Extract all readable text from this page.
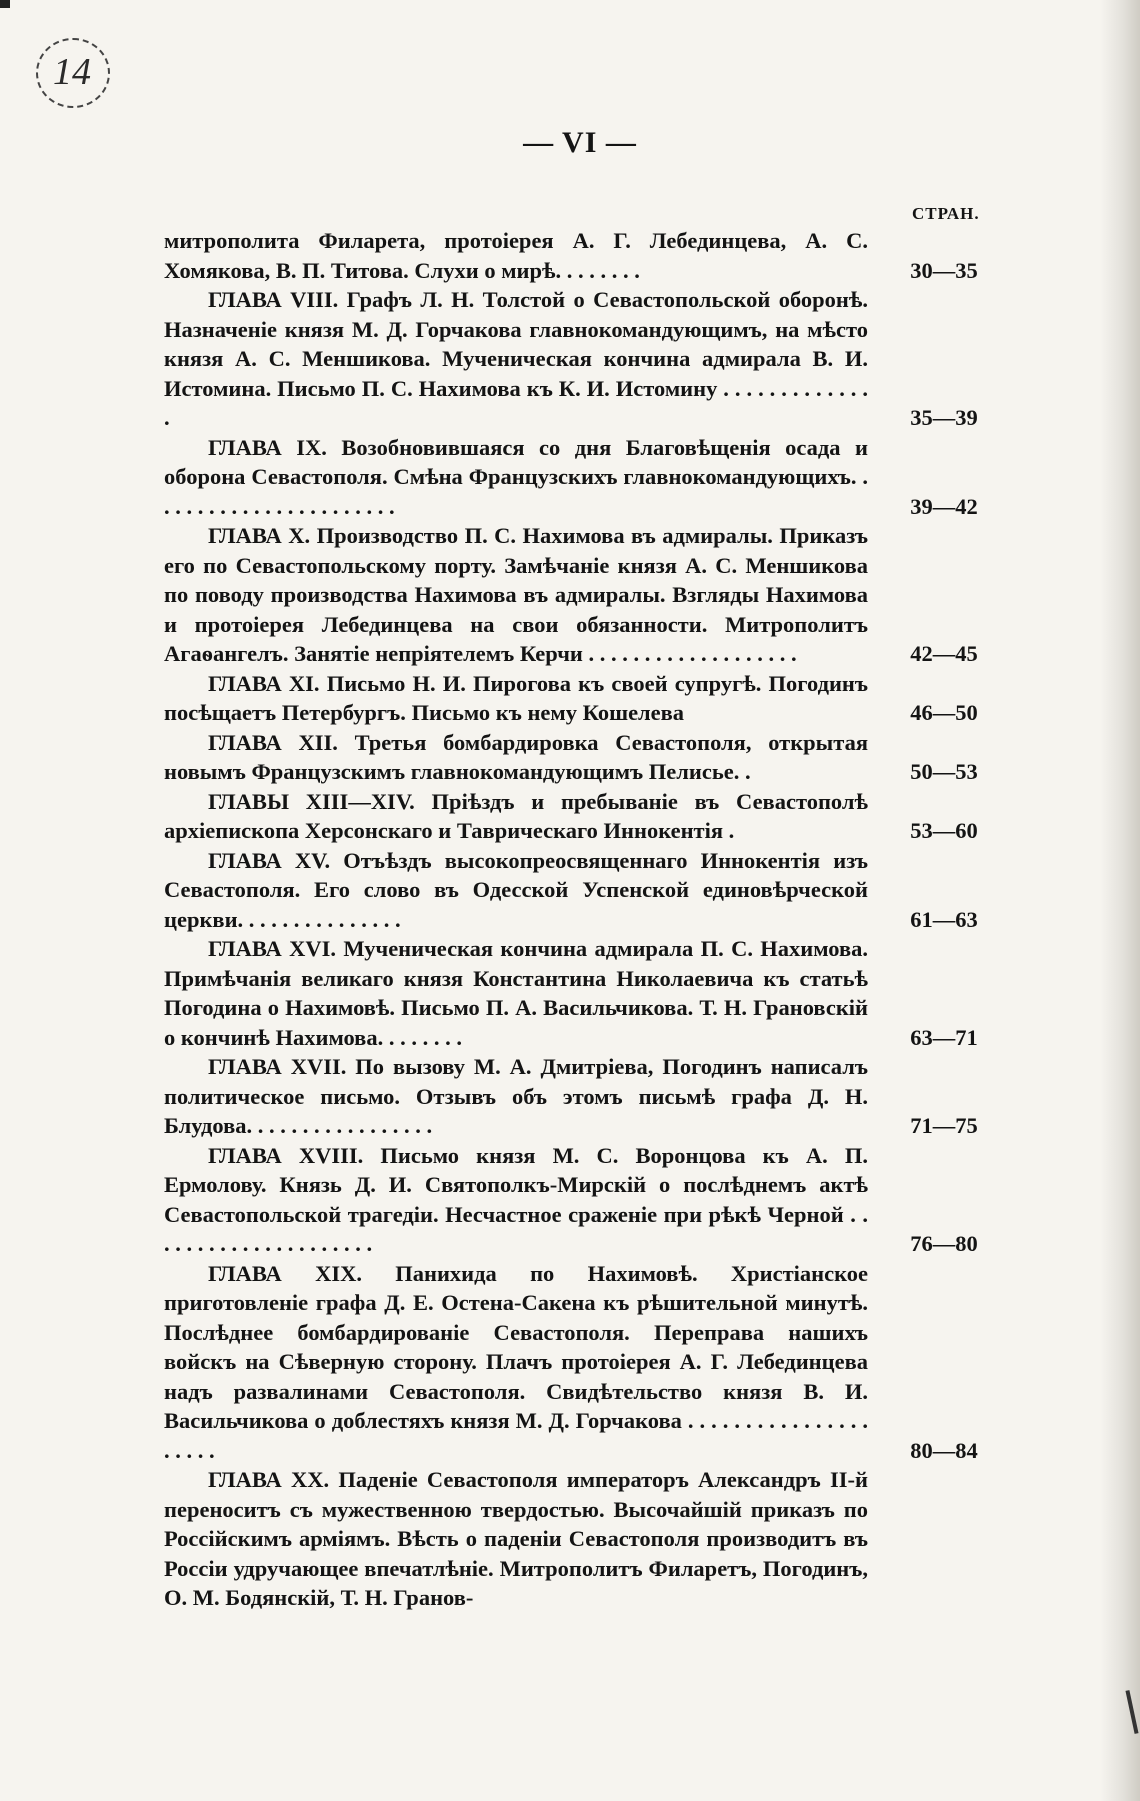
14
— VI —
СТРАН.
митрополита Филарета, протоіерея А. Г. Лебединцева, А. С. Хомякова, В. П. Титова. Слухи о мирѣ. . . . . . . .	30—35
ГЛАВА VIII. Графъ Л. Н. Толстой о Севастопольской оборонѣ. Назначеніе князя М. Д. Горчакова главнокомандующимъ, на мѣсто князя А. С. Меншикова. Мученическая кончина адмирала В. И. Истомина. Письмо П. С. Нахимова къ К. И. Истомину . . . . . . . . . . . . . .	35—39
ГЛАВА IX. Возобновившаяся со дня Благовѣщенія осада и оборона Севастополя. Смѣна Французскихъ главнокомандующихъ. . . . . . . . . . . . . . . . . . . . . . .	39—42
ГЛАВА X. Производство П. С. Нахимова въ адмиралы. Приказъ его по Севастопольскому порту. Замѣчаніе князя А. С. Меншикова по поводу производства Нахимова въ адмиралы. Взгляды Нахимова и протоіерея Лебединцева на свои обязанности. Митрополитъ Агаѳангелъ. Занятіе непріятелемъ Керчи . . . . . . . . . . . . . . . . . . .	42—45
ГЛАВА XI. Письмо Н. И. Пирогова къ своей супругѣ. Погодинъ посѣщаетъ Петербургъ. Письмо къ нему Кошелева	46—50
ГЛАВА XII. Третья бомбардировка Севастополя, открытая новымъ Французскимъ главнокомандующимъ Пелисье. .	50—53
ГЛАВЫ XIII—XIV. Пріѣздъ и пребываніе въ Севастополѣ архіепископа Херсонскаго и Таврическаго Иннокентія .	53—60
ГЛАВА XV. Отъѣздъ высокопреосвященнаго Иннокентія изъ Севастополя. Его слово въ Одесской Успенской единовѣрческой церкви. . . . . . . . . . . . . . .	61—63
ГЛАВА XVI. Мученическая кончина адмирала П. С. Нахимова. Примѣчанія великаго князя Константина Николаевича къ статьѣ Погодина о Нахимовѣ. Письмо П. А. Васильчикова. Т. Н. Грановскій о кончинѣ Нахимова. . . . . . . .	63—71
ГЛАВА XVII. По вызову М. А. Дмитріева, Погодинъ написалъ политическое письмо. Отзывъ объ этомъ письмѣ графа Д. Н. Блудова. . . . . . . . . . . . . . . . .	71—75
ГЛАВА XVIII. Письмо князя М. С. Воронцова къ А. П. Ермолову. Князь Д. И. Святополкъ-Мирскій о послѣднемъ актѣ Севастопольской трагедіи. Несчастное сраженіе при рѣкѣ Черной . . . . . . . . . . . . . . . . . . . . .	76—80
ГЛАВА XIX. Панихида по Нахимовѣ. Христіанское приготовленіе графа Д. Е. Остена-Сакена къ рѣшительной минутѣ. Послѣднее бомбардированіе Севастополя. Переправа нашихъ войскъ на Сѣверную сторону. Плачъ протоіерея А. Г. Лебединцева надъ развалинами Севастополя. Свидѣтельство князя В. И. Васильчикова о доблестяхъ князя М. Д. Горчакова . . . . . . . . . . . . . . . . . . . . .	80—84
ГЛАВА XX. Паденіе Севастополя императоръ Александръ II-й переноситъ съ мужественною твердостью. Высочайшій приказъ по Россійскимъ арміямъ. Вѣсть о паденіи Севастополя производитъ въ Россіи удручающее впечатлѣніе. Митрополитъ Филаретъ, Погодинъ, О. М. Бодянскій, Т. Н. Гранов-
